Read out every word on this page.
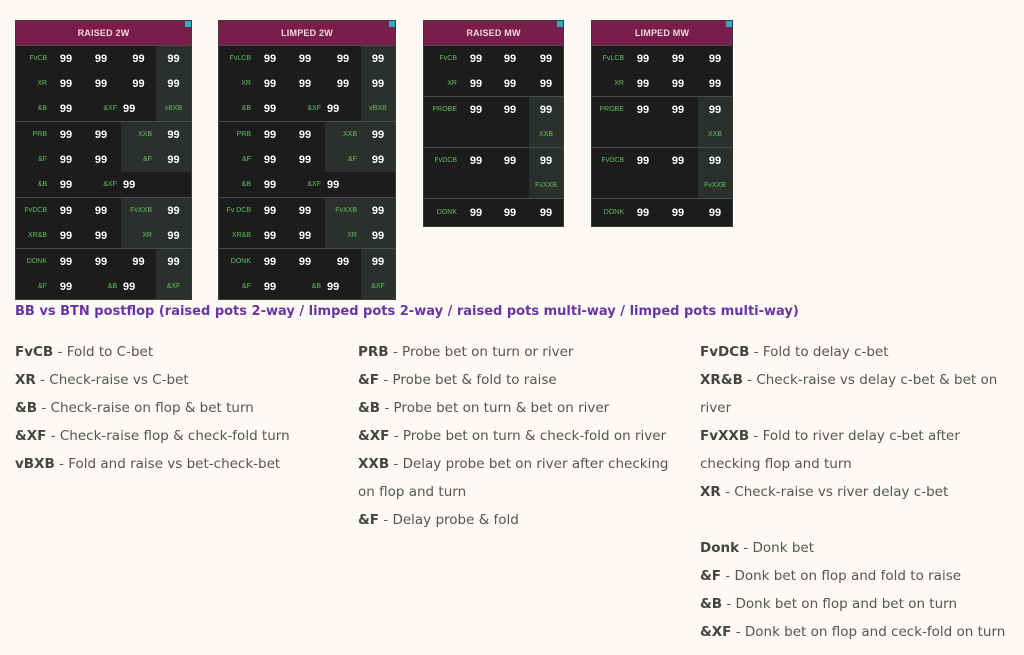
RAISED 2W
FvCB	99	99	99	99
XR	99	99	99	99
&B	99	&XF 99	vBXB
PRB	99	99	XXB	99
&F	99	99	&F	99
&B	99	&XF 99
FvDCB	99	99	FvXXB	99
XR&B	99	99	XR	99
DONK	99	99	99	99
&F	99	&B 99	&XF
LIMPED 2W
FvLCB	99	99	99	99
XR	99	99	99	99
&B	99	&XF 99	vBXB
PRB	99	99	XXB	99
&F	99	99	&F	99
&B	99	&XF 99
Fv DCB	99	99	FvXXB	99
XR&B	99	99	XR	99
DONK	99	99	99	99
&F	99	&B 99	&XF
RAISED MW
FvCB	99	99	99
XR	99	99	99
PROBE	99	99	99
XXB
FvDCB	99	99	99
FvXXB
DONK	99	99	99
LIMPED MW
FvLCB	99	99	99
XR	99	99	99
PROBE	99	99	99
XXB
FvDCB	99	99	99
FvXXB
DONK	99	99	99
BB vs BTN postflop (raised pots 2-way / limped pots 2-way / raised pots multi-way / limped pots multi-way)
FvCB - Fold to C-bet
XR - Check-raise vs C-bet
&B - Check-raise on flop & bet turn
&XF - Check-raise flop & check-fold turn
vBXB - Fold and raise vs bet-check-bet
PRB - Probe bet on turn or river
&F - Probe bet & fold to raise
&B - Probe bet on turn & bet on river
&XF - Probe bet on turn & check-fold on river
XXB - Delay probe bet on river after checking on flop and turn
&F - Delay probe & fold
FvDCB - Fold to delay c-bet
XR&B - Check-raise vs delay c-bet & bet on river
FvXXB - Fold to river delay c-bet after checking flop and turn
XR - Check-raise vs river delay c-bet
Donk - Donk bet
&F - Donk bet on flop and fold to raise
&B - Donk bet on flop and bet on turn
&XF - Donk bet on flop and ceck-fold on turn
